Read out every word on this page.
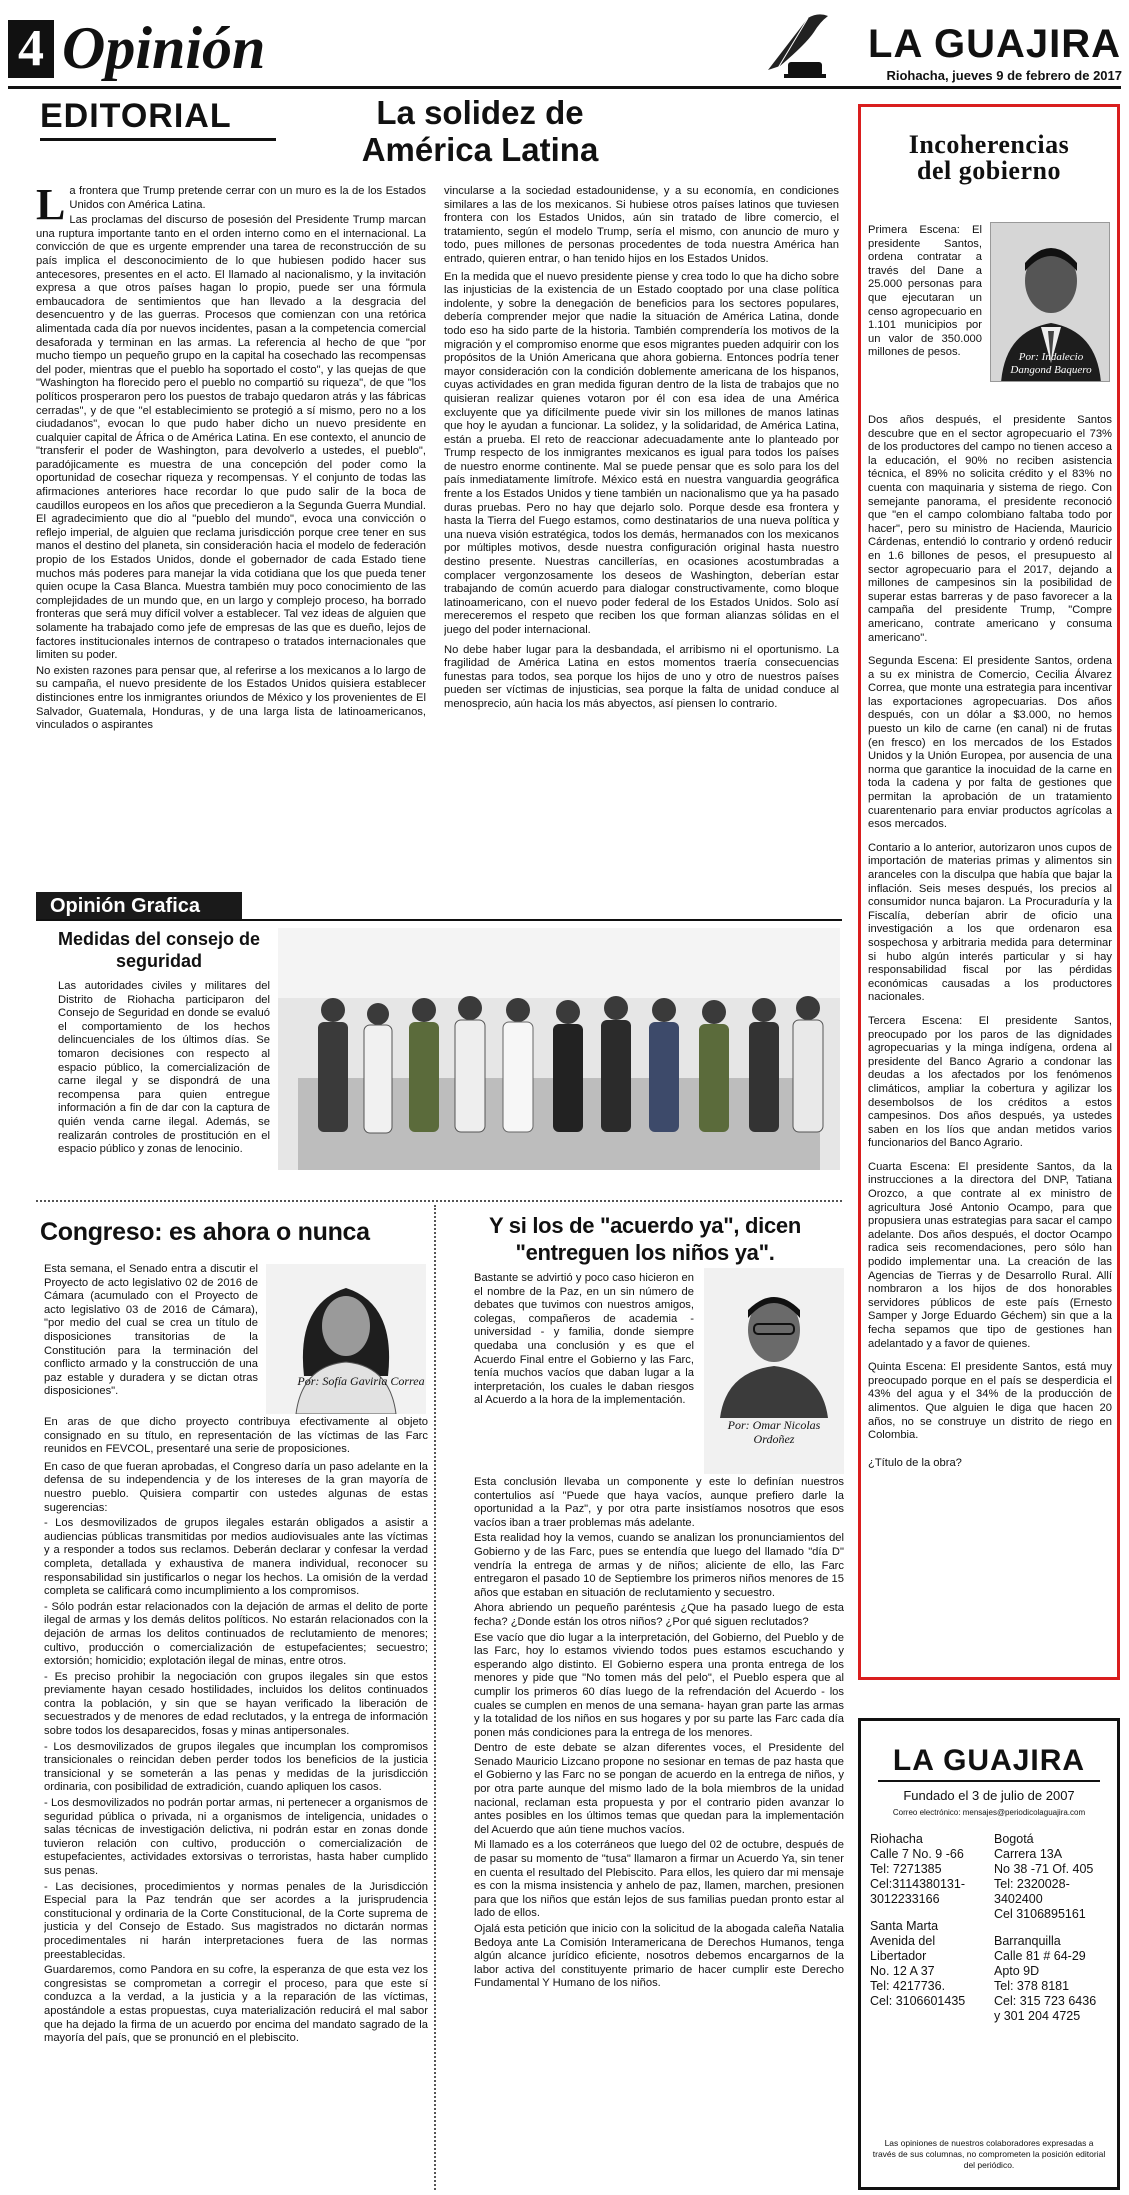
4 Opinión	LA GUAJIRA
Riohacha, jueves 9 de febrero de 2017
EDITORIAL	La solidez de
América Latina

La frontera que Trump pretende cerrar con un muro es la de los Estados Unidos con América Latina.

Las proclamas del discurso de posesión del Presidente Trump marcan una ruptura importante tanto en el orden interno como en el internacional. La convicción de que es urgente emprender una tarea de reconstrucción de su país implica el desconocimiento de lo que hubiesen podido hacer sus antecesores, presentes en el acto. El llamado al nacionalismo, y la invitación expresa a que otros países hagan lo propio, puede ser una fórmula embaucadora de sentimientos que han llevado a la desgracia del desencuentro y de las guerras. Procesos que comienzan con una retórica alimentada cada día por nuevos incidentes, pasan a la competencia comercial desaforada y terminan en las armas. La referencia al hecho de que "por mucho tiempo un pequeño grupo en la capital ha cosechado las recompensas del poder, mientras que el pueblo ha soportado el costo", y las quejas de que "Washington ha florecido pero el pueblo no compartió su riqueza", de que "los políticos prosperaron pero los puestos de trabajo quedaron atrás y las fábricas cerradas", y de que "el establecimiento se protegió a sí mismo, pero no a los ciudadanos", evocan lo que pudo haber dicho un nuevo presidente en cualquier capital de África o de América Latina. En ese contexto, el anuncio de "transferir el poder de Washington, para devolverlo a ustedes, el pueblo", paradójicamente es muestra de una concepción del poder como la oportunidad de cosechar riqueza y recompensas. Y el conjunto de todas las afirmaciones anteriores hace recordar lo que pudo salir de la boca de caudillos europeos en los años que precedieron a la Segunda Guerra Mundial. El agradecimiento que dio al "pueblo del mundo", evoca una convicción o reflejo imperial, de alguien que reclama jurisdicción porque cree tener en sus manos el destino del planeta, sin consideración hacia el modelo de federación propio de los Estados Unidos, donde el gobernador de cada Estado tiene muchos más poderes para manejar la vida cotidiana que los que pueda tener quien ocupe la Casa Blanca. Muestra también muy poco conocimiento de las complejidades de un mundo que, en un largo y complejo proceso, ha borrado fronteras que será muy difícil volver a establecer. Tal vez ideas de alguien que solamente ha trabajado como jefe de empresas de las que es dueño, lejos de factores institucionales internos de contrapeso o tratados internacionales que limiten su poder.

No existen razones para pensar que, al referirse a los mexicanos a lo largo de su campaña, el nuevo presidente de los Estados Unidos quisiera establecer distinciones entre los inmigrantes oriundos de México y los provenientes de El Salvador, Guatemala, Honduras, y de una larga lista de latinoamericanos, vinculados o aspirantes

vincularse a la sociedad estadounidense, y a su economía, en condiciones similares a las de los mexicanos. Si hubiese otros países latinos que tuviesen frontera con los Estados Unidos, aún sin tratado de libre comercio, el tratamiento, según el modelo Trump, sería el mismo, con anuncio de muro y todo, pues millones de personas procedentes de toda nuestra América han entrado, quieren entrar, o han tenido hijos en los Estados Unidos.

En la medida que el nuevo presidente piense y crea todo lo que ha dicho sobre las injusticias de la existencia de un Estado cooptado por una clase política indolente, y sobre la denegación de beneficios para los sectores populares, debería comprender mejor que nadie la situación de América Latina, donde todo eso ha sido parte de la historia. También comprendería los motivos de la migración y el compromiso enorme que esos migrantes pueden adquirir con los propósitos de la Unión Americana que ahora gobierna. Entonces podría tener mayor consideración con la condición doblemente americana de los hispanos, cuyas actividades en gran medida figuran dentro de la lista de trabajos que no quisieran realizar quienes votaron por él con esa idea de una América excluyente que ya difícilmente puede vivir sin los millones de manos latinas que hoy le ayudan a funcionar. La solidez, y la solidaridad, de América Latina, están a prueba. El reto de reaccionar adecuadamente ante lo planteado por Trump respecto de los inmigrantes mexicanos es igual para todos los países de nuestro enorme continente. Mal se puede pensar que es solo para los del país inmediatamente limítrofe. México está en nuestra vanguardia geográfica frente a los Estados Unidos y tiene también un nacionalismo que ya ha pasado duras pruebas. Pero no hay que dejarlo solo. Porque desde esa frontera y hasta la Tierra del Fuego estamos, como destinatarios de una nueva política y una nueva visión estratégica, todos los demás, hermanados con los mexicanos por múltiples motivos, desde nuestra configuración original hasta nuestro destino presente. Nuestras cancillerías, en ocasiones acostumbradas a complacer vergonzosamente los deseos de Washington, deberían estar trabajando de común acuerdo para dialogar constructivamente, como bloque latinoamericano, con el nuevo poder federal de los Estados Unidos. Solo así mereceremos el respeto que reciben los que forman alianzas sólidas en el juego del poder internacional.

No debe haber lugar para la desbandada, el arribismo ni el oportunismo. La fragilidad de América Latina en estos momentos traería consecuencias funestas para todos, sea porque los hijos de uno y otro de nuestros países pueden ser víctimas de injusticias, sea porque la falta de unidad conduce al menosprecio, aún hacia los más abyectos, así piensen lo contrario.

Incoherencias
del gobierno
Por: Indalecio Dangond Baquero

Primera Escena: El presidente Santos, ordena contratar a través del Dane a 25.000 personas para que ejecutaran un censo agropecuario en 1.101 municipios por un valor de 350.000 millones de pesos.

Dos años después, el presidente Santos descubre que en el sector agropecuario el 73% de los productores del campo no tienen acceso a la educación, el 90% no reciben asistencia técnica, el 89% no solicita crédito y el 83% no cuenta con maquinaria y sistema de riego. Con semejante panorama, el presidente reconoció que "en el campo colombiano faltaba todo por hacer", pero su ministro de Hacienda, Mauricio Cárdenas, entendió lo contrario y ordenó reducir en 1.6 billones de pesos, el presupuesto al sector agropecuario para el 2017, dejando a millones de campesinos sin la posibilidad de superar estas barreras y de paso favorecer a la campaña del presidente Trump, "Compre americano, contrate americano y consuma americano".

Segunda Escena: El presidente Santos, ordena a su ex ministra de Comercio, Cecilia Álvarez Correa, que monte una estrategia para incentivar las exportaciones agropecuarias. Dos años después, con un dólar a $3.000, no hemos puesto un kilo de carne (en canal) ni de frutas (en fresco) en los mercados de los Estados Unidos y la Unión Europea, por ausencia de una norma que garantice la inocuidad de la carne en toda la cadena y por falta de gestiones que permitan la aprobación de un tratamiento cuarentenario para enviar productos agrícolas a esos mercados.

Contario a lo anterior, autorizaron unos cupos de importación de materias primas y alimentos sin aranceles con la disculpa que había que bajar la inflación. Seis meses después, los precios al consumidor nunca bajaron. La Procuraduría y la Fiscalía, deberían abrir de oficio una investigación a los que ordenaron esa sospechosa y arbitraria medida para determinar si hubo algún interés particular y si hay responsabilidad fiscal por las pérdidas económicas causadas a los productores nacionales.

Tercera Escena: El presidente Santos, preocupado por los paros de las dignidades agropecuarias y la minga indígena, ordena al presidente del Banco Agrario a condonar las deudas a los afectados por los fenómenos climáticos, ampliar la cobertura y agilizar los desembolsos de los créditos a estos campesinos. Dos años después, ya ustedes saben en los líos que andan metidos varios funcionarios del Banco Agrario.

Cuarta Escena: El presidente Santos, da la instrucciones a la directora del DNP, Tatiana Orozco, a que contrate al ex ministro de agricultura José Antonio Ocampo, para que propusiera unas estrategias para sacar el campo adelante. Dos años después, el doctor Ocampo radica seis recomendaciones, pero sólo han podido implementar una. La creación de las Agencias de Tierras y de Desarrollo Rural. Allí nombraron a los hijos de dos honorables servidores públicos de este país (Ernesto Samper y Jorge Eduardo Géchem) sin que a la fecha sepamos que tipo de gestiones han adelantado y a favor de quienes.

Quinta Escena: El presidente Santos, está muy preocupado porque en el país se desperdicia el 43% del agua y el 34% de la producción de alimentos. Que alguien le diga que hacen 20 años, no se construye un distrito de riego en Colombia.

¿Título de la obra?

Opinión Grafica
Medidas del consejo de seguridad

Las autoridades civiles y militares del Distrito de Riohacha participaron del Consejo de Seguridad en donde se evaluó el comportamiento de los hechos delincuenciales de los últimos días. Se tomaron decisiones con respecto al espacio público, la comercialización de carne ilegal y se dispondrá de una recompensa para quien entregue información a fin de dar con la captura de quién venda carne ilegal. Además, se realizarán controles de prostitución en el espacio público y zonas de lenocinio.

Congreso: es ahora o nunca

Esta semana, el Senado entra a discutir el Proyecto de acto legislativo 02 de 2016 de Cámara (acumulado con el Proyecto de acto legislativo 03 de 2016 de Cámara), "por medio del cual se crea un título de disposiciones transitorias de la Constitución para la terminación del conflicto armado y la construcción de una paz estable y duradera y se dictan otras disposiciones".

Por: Sofía Gaviria Correa

En aras de que dicho proyecto contribuya efectivamente al objeto consignado en su título, en representación de las víctimas de las Farc reunidos en FEVCOL, presentaré una serie de proposiciones.

En caso de que fueran aprobadas, el Congreso daría un paso adelante en la defensa de su independencia y de los intereses de la gran mayoría de nuestro pueblo. Quisiera compartir con ustedes algunas de estas sugerencias:

- Los desmovilizados de grupos ilegales estarán obligados a asistir a audiencias públicas transmitidas por medios audiovisuales ante las víctimas y a responder a todos sus reclamos. Deberán declarar y confesar la verdad completa, detallada y exhaustiva de manera individual, reconocer su responsabilidad sin justificarlos o negar los hechos. La omisión de la verdad completa se calificará como incumplimiento a los compromisos.

- Sólo podrán estar relacionados con la dejación de armas el delito de porte ilegal de armas y los demás delitos políticos. No estarán relacionados con la dejación de armas los delitos continuados de reclutamiento de menores; cultivo, producción o comercialización de estupefacientes; secuestro; extorsión; homicidio; explotación ilegal de minas, entre otros.

- Es preciso prohibir la negociación con grupos ilegales sin que estos previamente hayan cesado hostilidades, incluidos los delitos continuados contra la población, y sin que se hayan verificado la liberación de secuestrados y de menores de edad reclutados, y la entrega de información sobre todos los desaparecidos, fosas y minas antipersonales.

- Los desmovilizados de grupos ilegales que incumplan los compromisos transicionales o reincidan deben perder todos los beneficios de la justicia transicional y se someterán a las penas y medidas de la jurisdicción ordinaria, con posibilidad de extradición, cuando apliquen los casos.

- Los desmovilizados no podrán portar armas, ni pertenecer a organismos de seguridad pública o privada, ni a organismos de inteligencia, unidades o salas técnicas de investigación delictiva, ni podrán estar en zonas donde tuvieron relación con cultivo, producción o comercialización de estupefacientes, actividades extorsivas o terroristas, hasta haber cumplido sus penas.

- Las decisiones, procedimientos y normas penales de la Jurisdicción Especial para la Paz tendrán que ser acordes a la jurisprudencia constitucional y ordinaria de la Corte Constitucional, de la Corte suprema de justicia y del Consejo de Estado. Sus magistrados no dictarán normas procedimentales ni harán interpretaciones fuera de las normas preestablecidas.

Guardaremos, como Pandora en su cofre, la esperanza de que esta vez los congresistas se comprometan a corregir el proceso, para que este sí conduzca a la verdad, a la justicia y a la reparación de las víctimas, apostándole a estas propuestas, cuya materialización reducirá el mal sabor que ha dejado la firma de un acuerdo por encima del mandato sagrado de la mayoría del país, que se pronunció en el plebiscito.

Y si los de "acuerdo ya", dicen
"entreguen los niños ya".

Bastante se advirtió y poco caso hicieron en el nombre de la Paz, en un sin número de debates que tuvimos con nuestros amigos, colegas, compañeros de academia - universidad - y familia, donde siempre quedaba una conclusión y es que el Acuerdo Final entre el Gobierno y las Farc, tenía muchos vacíos que daban lugar a la interpretación, los cuales le daban riesgos al Acuerdo a la hora de la implementación.

Por: Omar Nicolas Ordoñez

Esta conclusión llevaba un componente y este lo definían nuestros contertulios así "Puede que haya vacíos, aunque prefiero darle la oportunidad a la Paz", y por otra parte insistíamos nosotros que esos vacíos iban a traer problemas más adelante.

Esta realidad hoy la vemos, cuando se analizan los pronunciamientos del Gobierno y de las Farc, pues se entendía que luego del llamado "día D" vendría la entrega de armas y de niños; aliciente de ello, las Farc entregaron el pasado 10 de Septiembre los primeros niños menores de 15 años que estaban en situación de reclutamiento y secuestro.

Ahora abriendo un pequeño paréntesis ¿Que ha pasado luego de esta fecha? ¿Donde están los otros niños? ¿Por qué siguen reclutados?

Ese vacío que dio lugar a la interpretación, del Gobierno, del Pueblo y de las Farc, hoy lo estamos viviendo todos pues estamos escuchando y esperando algo distinto. El Gobierno espera una pronta entrega de los menores y pide que "No tomen más del pelo", el Pueblo espera que al cumplir los primeros 60 días luego de la refrendación del Acuerdo - los cuales se cumplen en menos de una semana- hayan gran parte las armas y la totalidad de los niños en sus hogares y por su parte las Farc cada día ponen más condiciones para la entrega de los menores.

Dentro de este debate se alzan diferentes voces, el Presidente del Senado Mauricio Lizcano propone no sesionar en temas de paz hasta que el Gobierno y las Farc no se pongan de acuerdo en la entrega de niños, y por otra parte aunque del mismo lado de la bola miembros de la unidad nacional, reclaman esta propuesta y por el contrario piden avanzar lo antes posibles en los últimos temas que quedan para la implementación del Acuerdo que aún tiene muchos vacíos.

Mi llamado es a los coterráneos que luego del 02 de octubre, después de de pasar su momento de "tusa" llamaron a firmar un Acuerdo Ya, sin tener en cuenta el resultado del Plebiscito. Para ellos, les quiero dar mi mensaje es con la misma insistencia y anhelo de paz, llamen, marchen, presionen para que los niños que están lejos de sus familias puedan pronto estar al lado de ellos.

Ojalá esta petición que inicio con la solicitud de la abogada caleña Natalia Bedoya ante La Comisión Interamericana de Derechos Humanos, tenga algún alcance jurídico eficiente, nosotros debemos encargarnos de la labor activa del constituyente primario de hacer cumplir este Derecho Fundamental Y Humano de los niños.

LA GUAJIRA
Fundado el 3 de julio de 2007
Correo electrónico: mensajes@periodicolaguajira.com
Riohacha
Calle 7 No. 9 -66
Tel: 7271385
Cel:3114380131-
3012233166
Santa Marta
Avenida del
Libertador
No. 12 A 37
Tel: 4217736.
Cel: 3106601435
Bogotá
Carrera 13A
No 38 -71 Of. 405
Tel: 2320028-
3402400
Cel 3106895161
Barranquilla
Calle 81 # 64-29
Apto 9D
Tel: 378 8181
Cel: 315 723 6436
y 301 204 4725
Las opiniones de nuestros colaboradores expresadas a través de sus columnas, no comprometen la posición editorial del periódico.
